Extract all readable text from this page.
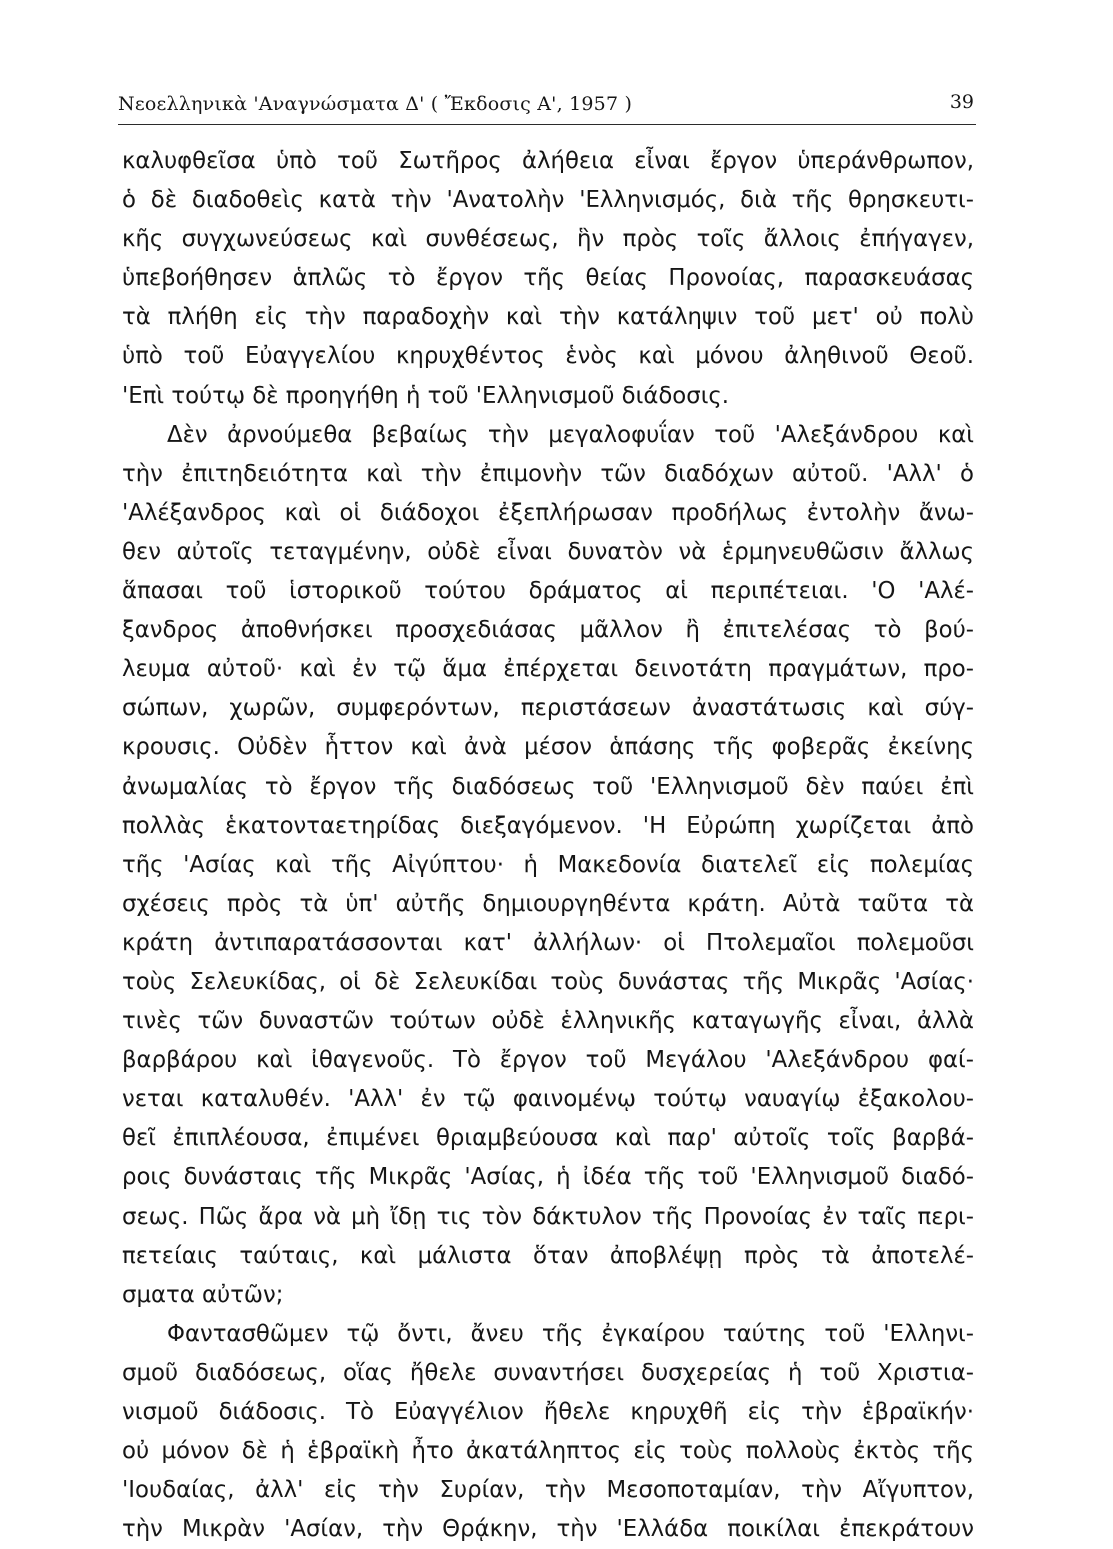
Νεοελληνικὰ 'Αναγνώσματα Δ' ( Ἔκδοσις Α', 1957 )	39
καλυφθεῖσα ὑπὸ τοῦ Σωτῆρος ἀλήθεια εἶναι ἔργον ὑπεράνθρωπον,
ὁ δὲ διαδοθεὶς κατὰ τὴν 'Ανατολὴν 'Ελληνισμός, διὰ τῆς θρησκευτι-
κῆς συγχωνεύσεως καὶ συνθέσεως, ἣν πρὸς τοῖς ἄλλοις ἐπήγαγεν,
ὑπεβοήθησεν ἁπλῶς τὸ ἔργον τῆς θείας Προνοίας, παρασκευάσας
τὰ πλήθη εἰς τὴν παραδοχὴν καὶ τὴν κατάληψιν τοῦ μετ' οὐ πολὺ
ὑπὸ τοῦ Εὐαγγελίου κηρυχθέντος ἑνὸς καὶ μόνου ἀληθινοῦ Θεοῦ.
'Επὶ τούτῳ δὲ προηγήθη ἡ τοῦ 'Ελληνισμοῦ διάδοσις.
Δὲν ἀρνούμεθα βεβαίως τὴν μεγαλοφυΐαν τοῦ 'Αλεξάνδρου καὶ
τὴν ἐπιτηδειότητα καὶ τὴν ἐπιμονὴν τῶν διαδόχων αὐτοῦ. 'Αλλ' ὁ
'Αλέξανδρος καὶ οἱ διάδοχοι ἐξεπλήρωσαν προδήλως ἐντολὴν ἄνω-
θεν αὐτοῖς τεταγμένην, οὐδὲ εἶναι δυνατὸν νὰ ἑρμηνευθῶσιν ἄλλως
ἅπασαι τοῦ ἱστορικοῦ τούτου δράματος αἱ περιπέτειαι. 'Ο 'Αλέ-
ξανδρος ἀποθνήσκει προσχεδιάσας μᾶλλον ἢ ἐπιτελέσας τὸ βού-
λευμα αὐτοῦ· καὶ ἐν τῷ ἅμα ἐπέρχεται δεινοτάτη πραγμάτων, προ-
σώπων, χωρῶν, συμφερόντων, περιστάσεων ἀναστάτωσις καὶ σύγ-
κρουσις. Οὐδὲν ἧττον καὶ ἀνὰ μέσον ἁπάσης τῆς φοβερᾶς ἐκείνης
ἀνωμαλίας τὸ ἔργον τῆς διαδόσεως τοῦ 'Ελληνισμοῦ δὲν παύει ἐπὶ
πολλὰς ἑκατονταετηρίδας διεξαγόμενον. 'Η Εὐρώπη χωρίζεται ἀπὸ
τῆς 'Ασίας καὶ τῆς Αἰγύπτου· ἡ Μακεδονία διατελεῖ εἰς πολεμίας
σχέσεις πρὸς τὰ ὑπ' αὐτῆς δημιουργηθέντα κράτη. Αὐτὰ ταῦτα τὰ
κράτη ἀντιπαρατάσσονται κατ' ἀλλήλων· οἱ Πτολεμαῖοι πολεμοῦσι
τοὺς Σελευκίδας, οἱ δὲ Σελευκίδαι τοὺς δυνάστας τῆς Μικρᾶς 'Ασίας·
τινὲς τῶν δυναστῶν τούτων οὐδὲ ἑλληνικῆς καταγωγῆς εἶναι, ἀλλὰ
βαρβάρου καὶ ἰθαγενοῦς. Τὸ ἔργον τοῦ Μεγάλου 'Αλεξάνδρου φαί-
νεται καταλυθέν. 'Αλλ' ἐν τῷ φαινομένῳ τούτῳ ναυαγίῳ ἐξακολου-
θεῖ ἐπιπλέουσα, ἐπιμένει θριαμβεύουσα καὶ παρ' αὐτοῖς τοῖς βαρβά-
ροις δυνάσταις τῆς Μικρᾶς 'Ασίας, ἡ ἰδέα τῆς τοῦ 'Ελληνισμοῦ διαδό-
σεως. Πῶς ἄρα νὰ μὴ ἴδῃ τις τὸν δάκτυλον τῆς Προνοίας ἐν ταῖς περι-
πετείαις ταύταις, καὶ μάλιστα ὅταν ἀποβλέψῃ πρὸς τὰ ἀποτελέ-
σματα αὐτῶν;
Φαντασθῶμεν τῷ ὄντι, ἄνευ τῆς ἐγκαίρου ταύτης τοῦ 'Ελληνι-
σμοῦ διαδόσεως, οἵας ἤθελε συναντήσει δυσχερείας ἡ τοῦ Χριστια-
νισμοῦ διάδοσις. Τὸ Εὐαγγέλιον ἤθελε κηρυχθῆ εἰς τὴν ἑβραϊκήν·
οὐ μόνον δὲ ἡ ἑβραϊκὴ ἦτο ἀκατάληπτος εἰς τοὺς πολλοὺς ἐκτὸς τῆς
'Ιουδαίας, ἀλλ' εἰς τὴν Συρίαν, τὴν Μεσοποταμίαν, τὴν Αἴγυπτον,
τὴν Μικρὰν 'Ασίαν, τὴν Θρᾴκην, τὴν 'Ελλάδα ποικίλαι ἐπεκράτουν
